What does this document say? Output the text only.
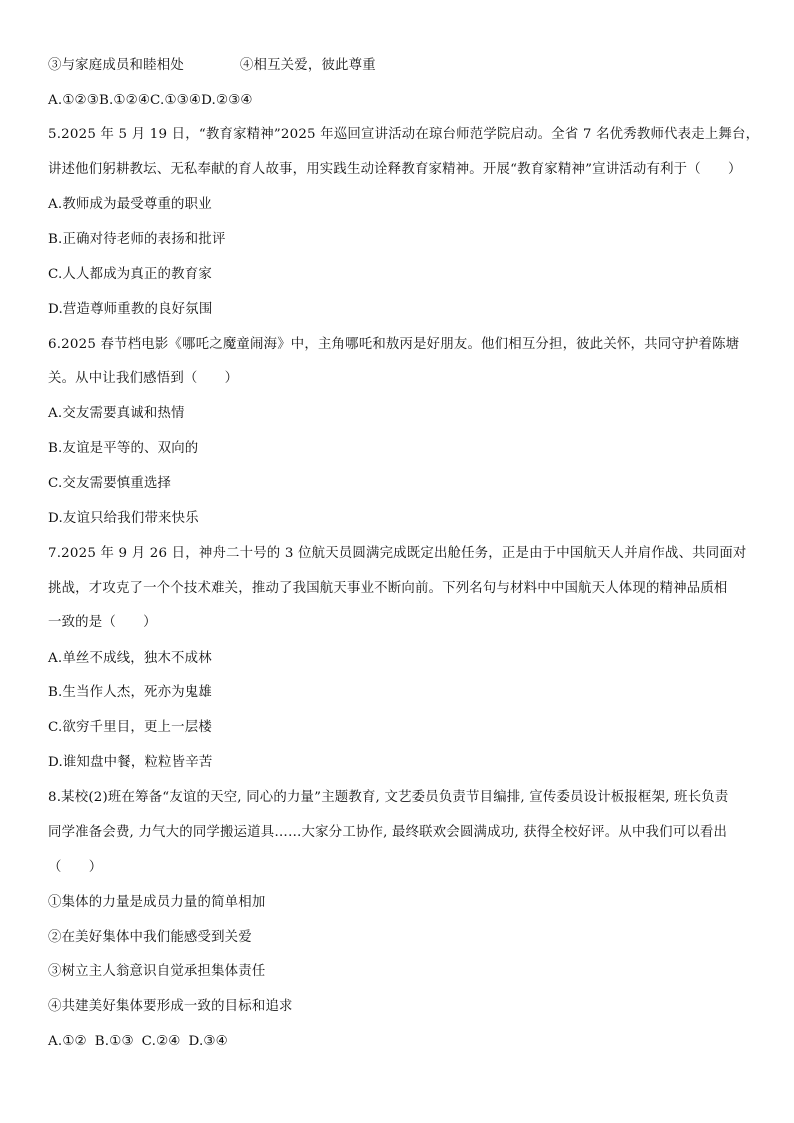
③与家庭成员和睦相处	④相互关爱，彼此尊重
A.①②③B.①②④C.①③④D.②③④
5.2025 年 5 月 19 日，“教育家精神”2025 年巡回宣讲活动在琼台师范学院启动。全省 7 名优秀教师代表走上舞台，
讲述他们躬耕教坛、无私奉献的育人故事，用实践生动诠释教育家精神。开展“教育家精神”宣讲活动有利于（　　）
A.教师成为最受尊重的职业
B.正确对待老师的表扬和批评
C.人人都成为真正的教育家
D.营造尊师重教的良好氛围
6.2025 春节档电影《哪吒之魔童闹海》中，主角哪吒和敖丙是好朋友。他们相互分担，彼此关怀，共同守护着陈塘
关。从中让我们感悟到（　　）
A.交友需要真诚和热情
B.友谊是平等的、双向的
C.交友需要慎重选择
D.友谊只给我们带来快乐
7.2025 年 9 月 26 日，神舟二十号的 3 位航天员圆满完成既定出舱任务，正是由于中国航天人并肩作战、共同面对
挑战，才攻克了一个个技术难关，推动了我国航天事业不断向前。下列名句与材料中中国航天人体现的精神品质相
一致的是（　　）
A.单丝不成线，独木不成林
B.生当作人杰，死亦为鬼雄
C.欲穷千里目，更上一层楼
D.谁知盘中餐，粒粒皆辛苦
8.某校(2)班在筹备“友谊的天空, 同心的力量”主题教育, 文艺委员负责节目编排, 宣传委员设计板报框架, 班长负责
同学准备会费, 力气大的同学搬运道具……大家分工协作, 最终联欢会圆满成功, 获得全校好评。从中我们可以看出
（　　）
①集体的力量是成员力量的简单相加
②在美好集体中我们能感受到关爱
③树立主人翁意识自觉承担集体责任
④共建美好集体要形成一致的目标和追求
A.①② B.①③ C.②④ D.③④
